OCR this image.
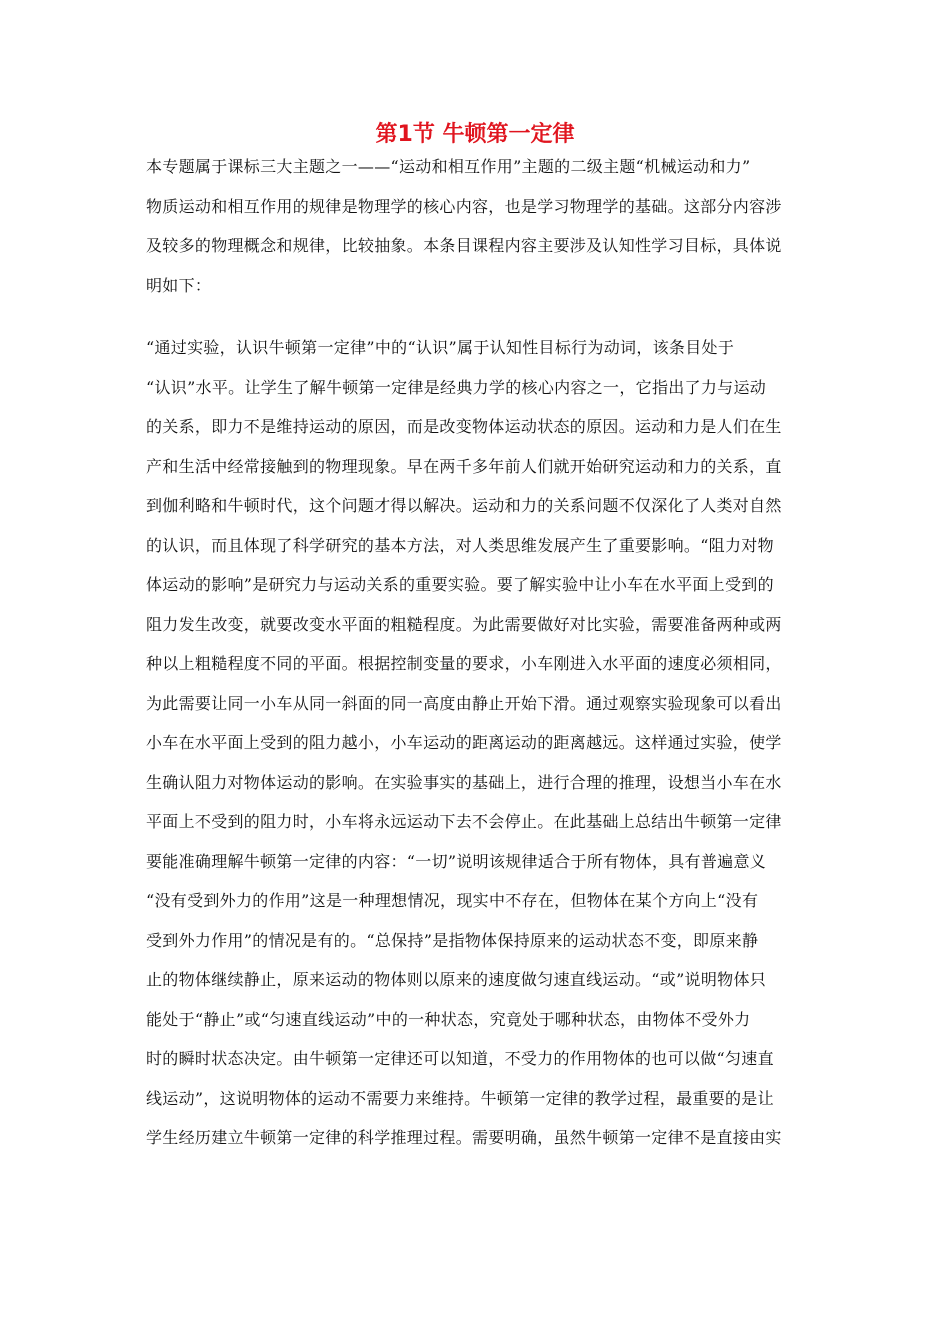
第1节 牛顿第一定律
本专题属于课标三大主题之一——“运动和相互作用”主题的二级主题“机械运动和力”
物质运动和相互作用的规律是物理学的核心内容，也是学习物理学的基础。这部分内容涉
及较多的物理概念和规律，比较抽象。本条目课程内容主要涉及认知性学习目标，具体说
明如下：
“通过实验，认识牛顿第一定律”中的“认识”属于认知性目标行为动词，该条目处于
“认识”水平。让学生了解牛顿第一定律是经典力学的核心内容之一，它指出了力与运动
的关系，即力不是维持运动的原因，而是改变物体运动状态的原因。运动和力是人们在生
产和生活中经常接触到的物理现象。早在两千多年前人们就开始研究运动和力的关系，直
到伽利略和牛顿时代，这个问题才得以解决。运动和力的关系问题不仅深化了人类对自然
的认识，而且体现了科学研究的基本方法，对人类思维发展产生了重要影响。“阻力对物
体运动的影响”是研究力与运动关系的重要实验。要了解实验中让小车在水平面上受到的
阻力发生改变，就要改变水平面的粗糙程度。为此需要做好对比实验，需要准备两种或两
种以上粗糙程度不同的平面。根据控制变量的要求，小车刚进入水平面的速度必须相同，
为此需要让同一小车从同一斜面的同一高度由静止开始下滑。通过观察实验现象可以看出
小车在水平面上受到的阻力越小，小车运动的距离运动的距离越远。这样通过实验，使学
生确认阻力对物体运动的影响。在实验事实的基础上，进行合理的推理，设想当小车在水
平面上不受到的阻力时，小车将永远运动下去不会停止。在此基础上总结出牛顿第一定律
要能准确理解牛顿第一定律的内容：“一切”说明该规律适合于所有物体，具有普遍意义
“没有受到外力的作用”这是一种理想情况，现实中不存在，但物体在某个方向上“没有
受到外力作用”的情况是有的。“总保持”是指物体保持原来的运动状态不变，即原来静
止的物体继续静止，原来运动的物体则以原来的速度做匀速直线运动。“或”说明物体只
能处于“静止”或“匀速直线运动”中的一种状态，究竟处于哪种状态，由物体不受外力
时的瞬时状态决定。由牛顿第一定律还可以知道，不受力的作用物体的也可以做“匀速直
线运动”，这说明物体的运动不需要力来维持。牛顿第一定律的教学过程，最重要的是让
学生经历建立牛顿第一定律的科学推理过程。需要明确，虽然牛顿第一定律不是直接由实
